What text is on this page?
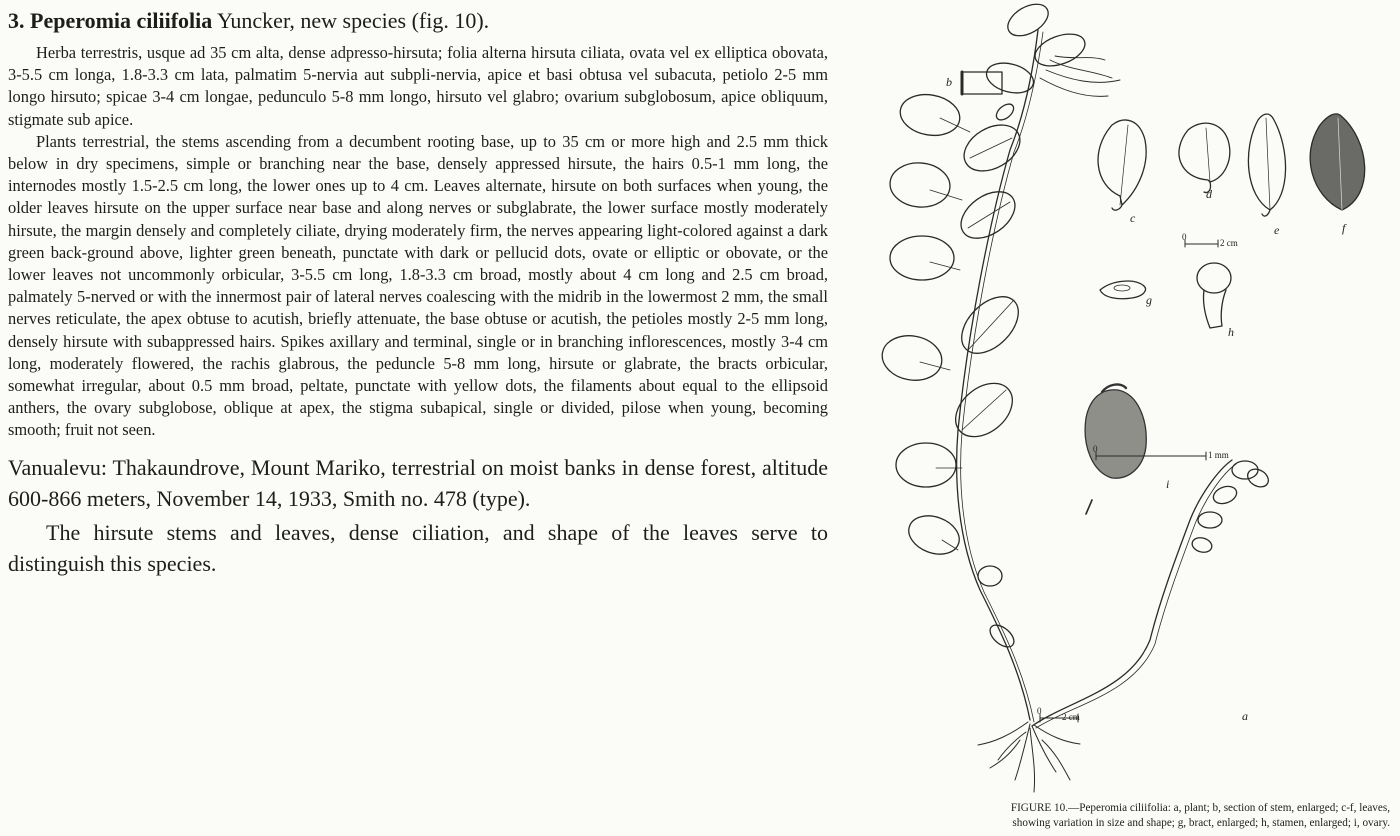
3. Peperomia ciliifolia Yuncker, new species (fig. 10).

Herba terrestris, usque ad 35 cm alta, dense adpresso-hirsuta; folia alterna hirsuta ciliata, ovata vel ex elliptica obovata, 3-5.5 cm longa, 1.8-3.3 cm lata, palmatim 5-nervia aut subpli-nervia, apice et basi obtusa vel subacuta, petiolo 2-5 mm longo hirsuto; spicae 3-4 cm longae, pedunculo 5-8 mm longo, hirsuto vel glabro; ovarium subglobosum, apice obliquum, stigmate sub apice.

Plants terrestrial, the stems ascending from a decumbent rooting base, up to 35 cm or more high and 2.5 mm thick below in dry specimens, simple or branching near the base, densely appressed hirsute, the hairs 0.5-1 mm long, the internodes mostly 1.5-2.5 cm long, the lower ones up to 4 cm. Leaves alternate, hirsute on both surfaces when young, the older leaves hirsute on the upper surface near base and along nerves or subglabrate, the lower surface mostly moderately hirsute, the margin densely and completely ciliate, drying moderately firm, the nerves appearing light-colored against a dark green back-ground above, lighter green beneath, punctate with dark or pellucid dots, ovate or elliptic or obovate, or the lower leaves not uncommonly orbicular, 3-5.5 cm long, 1.8-3.3 cm broad, mostly about 4 cm long and 2.5 cm broad, palmately 5-nerved or with the innermost pair of lateral nerves coalescing with the midrib in the lowermost 2 mm, the small nerves reticulate, the apex obtuse to acutish, briefly attenuate, the base obtuse or acutish, the petioles mostly 2-5 mm long, densely hirsute with subappressed hairs. Spikes axillary and terminal, single or in branching inflorescences, mostly 3-4 cm long, moderately flowered, the rachis glabrous, the peduncle 5-8 mm long, hirsute or glabrate, the bracts orbicular, somewhat irregular, about 0.5 mm broad, peltate, punctate with yellow dots, the filaments about equal to the ellipsoid anthers, the ovary subglobose, oblique at apex, the stigma subapical, single or divided, pilose when young, becoming smooth; fruit not seen.

Vanualevu: Thakaundrove, Mount Mariko, terrestrial on moist banks in dense forest, altitude 600-866 meters, November 14, 1933, Smith no. 478 (type).

The hirsute stems and leaves, dense ciliation, and shape of the leaves serve to distinguish this species.

b
c
d
e	f
g
h
i
a
0
2 cm
0
1 mm
0
2 cm
FIGURE 10.—Peperomia ciliifolia: a, plant; b, section of stem, enlarged; c-f, leaves,
showing variation in size and shape; g, bract, enlarged; h, stamen, enlarged; i, ovary.
